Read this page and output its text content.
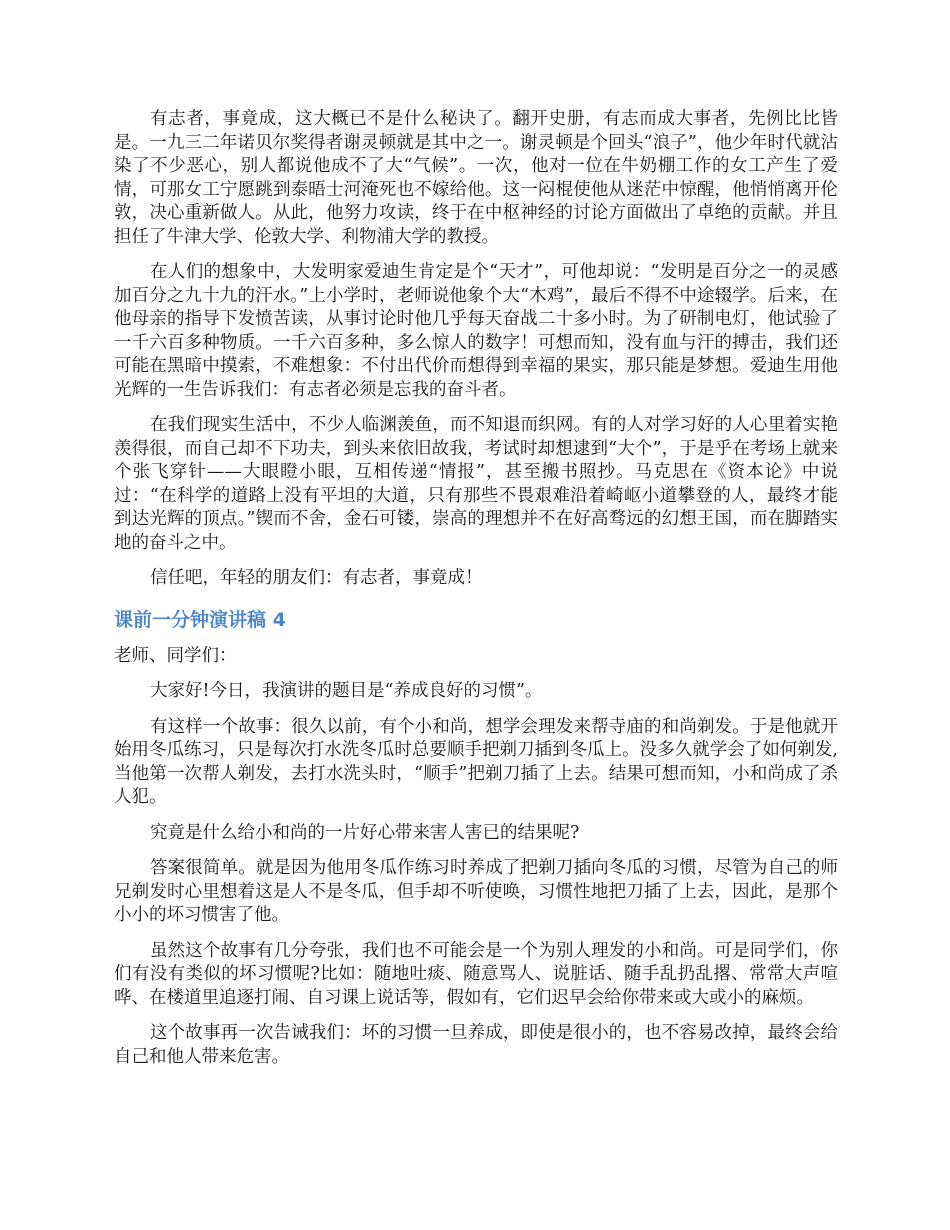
有志者，事竟成，这大概已不是什么秘诀了。翻开史册，有志而成大事者，先例比比皆是。一九三二年诺贝尔奖得者谢灵顿就是其中之一。谢灵顿是个回头“浪子”，他少年时代就沾染了不少恶心，别人都说他成不了大“气候”。一次，他对一位在牛奶棚工作的女工产生了爱情，可那女工宁愿跳到泰晤士河淹死也不嫁给他。这一闷棍使他从迷茫中惊醒，他悄悄离开伦敦，决心重新做人。从此，他努力攻读，终于在中枢神经的讨论方面做出了卓绝的贡献。并且担任了牛津大学、伦敦大学、利物浦大学的教授。

在人们的想象中，大发明家爱迪生肯定是个“天才”，可他却说：“发明是百分之一的灵感加百分之九十九的汗水。”上小学时，老师说他象个大“木鸡”，最后不得不中途辍学。后来，在他母亲的指导下发愤苦读，从事讨论时他几乎每天奋战二十多小时。为了研制电灯，他试验了一千六百多种物质。一千六百多种，多么惊人的数字！可想而知，没有血与汗的搏击，我们还可能在黑暗中摸索，不难想象：不付出代价而想得到幸福的果实，那只能是梦想。爱迪生用他光辉的一生告诉我们：有志者必须是忘我的奋斗者。

在我们现实生活中，不少人临渊羡鱼，而不知退而织网。有的人对学习好的人心里着实艳羡得很，而自己却不下功夫，到头来依旧故我，考试时却想逮到“大个”，于是乎在考场上就来个张飞穿针——大眼瞪小眼，互相传递“情报”，甚至搬书照抄。马克思在《资本论》中说过：“在科学的道路上没有平坦的大道，只有那些不畏艰难沿着崎岖小道攀登的人，最终才能到达光辉的顶点。”锲而不舍，金石可镂，崇高的理想并不在好高骛远的幻想王国，而在脚踏实地的奋斗之中。

信任吧，年轻的朋友们：有志者，事竟成！

课前一分钟演讲稿 4

老师、同学们：

大家好!今日，我演讲的题目是“养成良好的习惯”。

有这样一个故事：很久以前，有个小和尚，想学会理发来帮寺庙的和尚剃发。于是他就开始用冬瓜练习，只是每次打水洗冬瓜时总要顺手把剃刀插到冬瓜上。没多久就学会了如何剃发,当他第一次帮人剃发，去打水洗头时，“顺手”把剃刀插了上去。结果可想而知，小和尚成了杀人犯。

究竟是什么给小和尚的一片好心带来害人害已的结果呢?

答案很简单。就是因为他用冬瓜作练习时养成了把剃刀插向冬瓜的习惯，尽管为自己的师兄剃发时心里想着这是人不是冬瓜，但手却不听使唤，习惯性地把刀插了上去，因此，是那个小小的坏习惯害了他。

虽然这个故事有几分夸张，我们也不可能会是一个为别人理发的小和尚。可是同学们，你们有没有类似的坏习惯呢?比如：随地吐痰、随意骂人、说脏话、随手乱扔乱撂、常常大声喧哗、在楼道里追逐打闹、自习课上说话等，假如有，它们迟早会给你带来或大或小的麻烦。

这个故事再一次告诫我们：坏的习惯一旦养成，即使是很小的，也不容易改掉，最终会给自己和他人带来危害。
